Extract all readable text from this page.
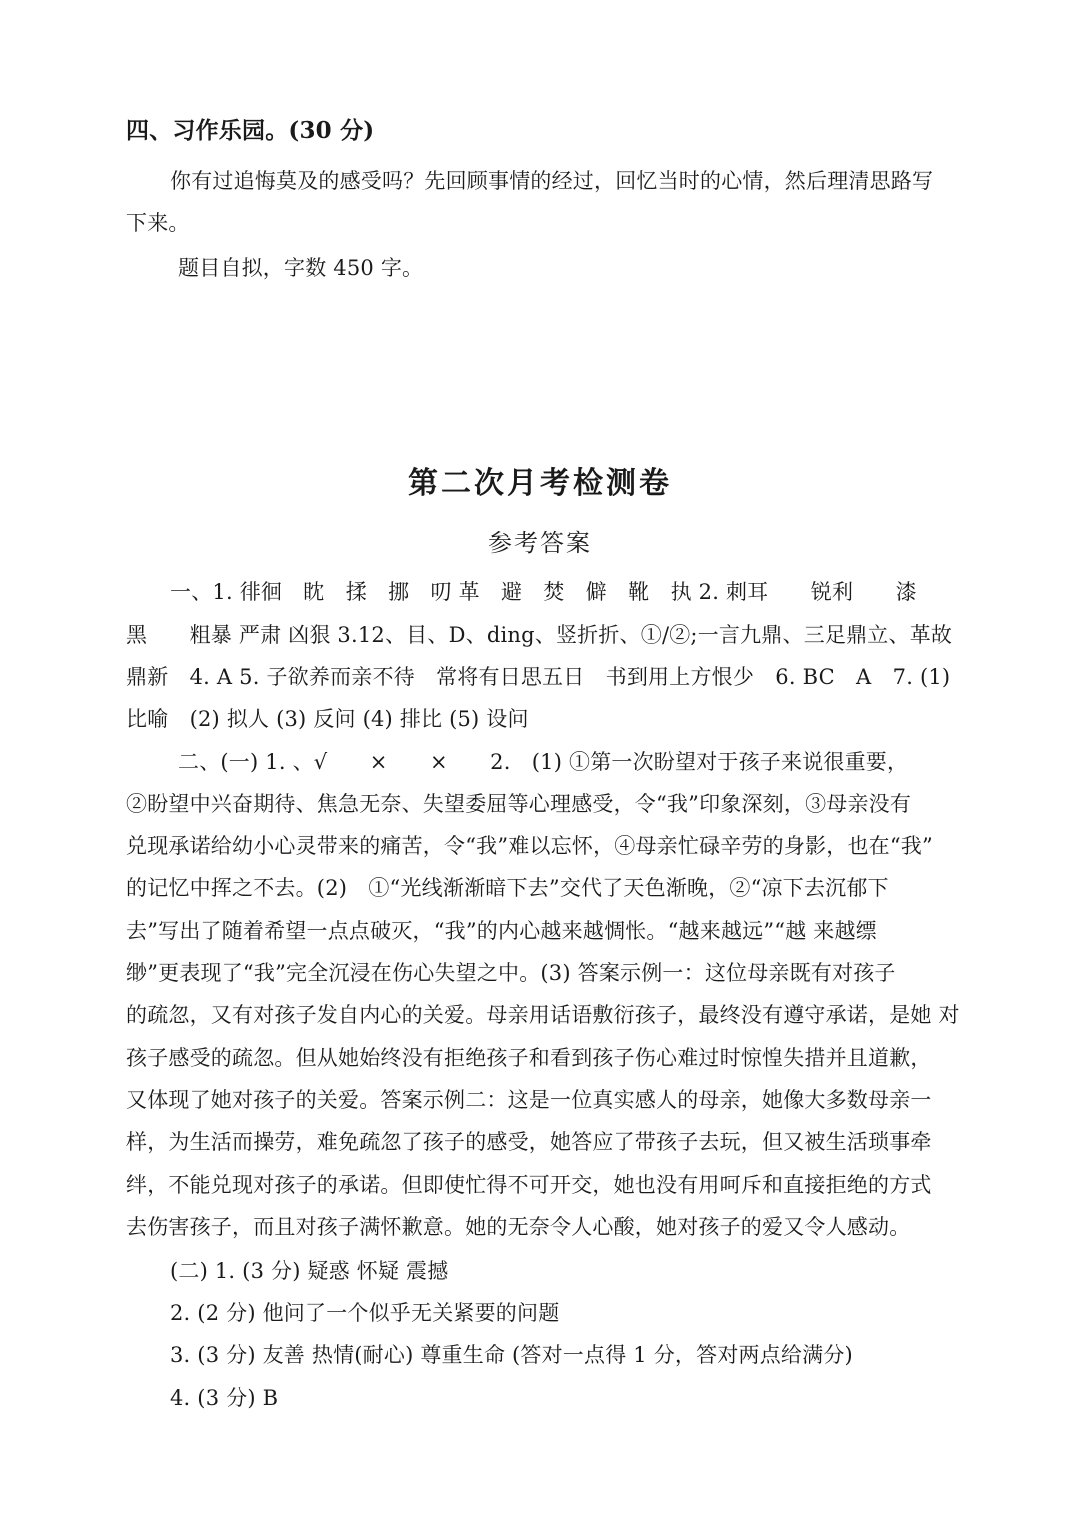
四、习作乐园。(30 分)
你有过追悔莫及的感受吗？先回顾事情的经过，回忆当时的心情，然后理清思路写
下来。
题目自拟，字数 450 字。
第二次月考检测卷
参考答案
一、1. 徘徊　眈　揉　挪　叨 革　避　焚　僻　靴　执 2. 刺耳　　锐利　　漆
黑　　粗暴 严肃 凶狠 3.12、目、D、ding、竖折折、①/②;一言九鼎、三足鼎立、革故
鼎新　4. A 5. 子欲养而亲不待　常将有日思五日　书到用上方恨少　6. BC　A　7. (1)
比喻　(2) 拟人 (3) 反问 (4) 排比 (5) 设问
二、(一) 1. 、√　　×　　×　　2.　(1) ①第一次盼望对于孩子来说很重要，
②盼望中兴奋期待、焦急无奈、失望委屈等心理感受，令“我”印象深刻，③母亲没有
兑现承诺给幼小心灵带来的痛苦，令“我”难以忘怀，④母亲忙碌辛劳的身影，也在“我”
的记忆中挥之不去。(2)　①“光线渐渐暗下去”交代了天色渐晚，②“凉下去沉郁下
去”写出了随着希望一点点破灭，“我”的内心越来越惆怅。“越来越远”“越 来越缥
缈”更表现了“我”完全沉浸在伤心失望之中。(3) 答案示例一：这位母亲既有对孩子
的疏忽，又有对孩子发自内心的关爱。母亲用话语敷衍孩子，最终没有遵守承诺，是她 对
孩子感受的疏忽。但从她始终没有拒绝孩子和看到孩子伤心难过时惊惶失措并且道歉，
又体现了她对孩子的关爱。答案示例二：这是一位真实感人的母亲，她像大多数母亲一
样，为生活而操劳，难免疏忽了孩子的感受，她答应了带孩子去玩，但又被生活琐事牵
绊，不能兑现对孩子的承诺。但即使忙得不可开交，她也没有用呵斥和直接拒绝的方式
去伤害孩子，而且对孩子满怀歉意。她的无奈令人心酸，她对孩子的爱又令人感动。
(二) 1. (3 分) 疑惑 怀疑 震撼
2. (2 分) 他问了一个似乎无关紧要的问题
3. (3 分) 友善 热情(耐心) 尊重生命 (答对一点得 1 分，答对两点给满分)
4. (3 分) B
